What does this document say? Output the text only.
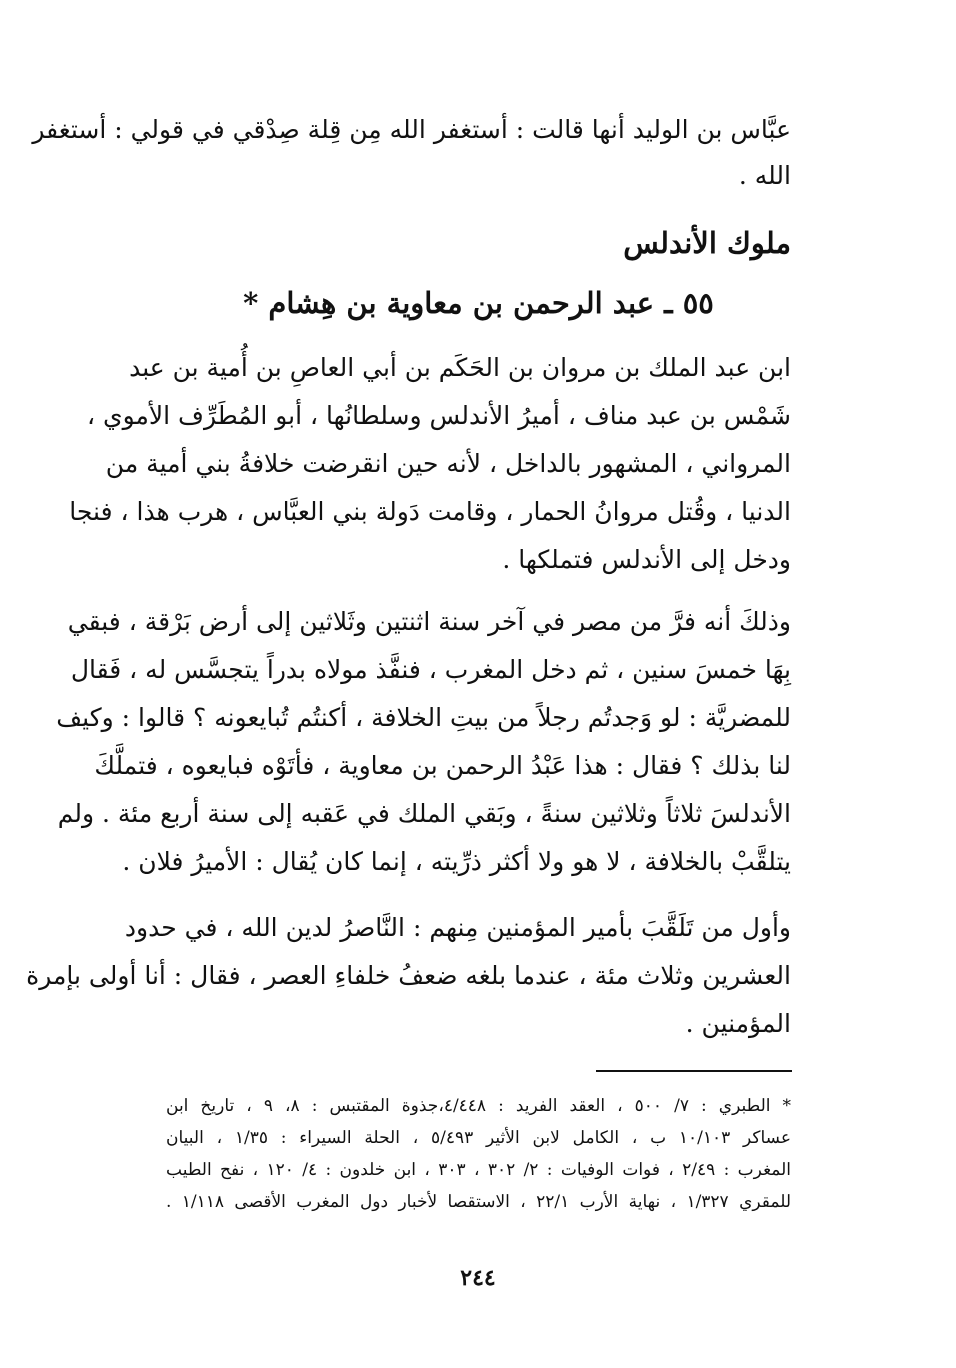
عبَّاس بن الوليد أنها قالت : أستغفر الله مِن قِلة صِدْقي في قولي : أستغفر
الله .
ملوك الأندلس
٥٥ ـ عبد الرحمن بن معاوية بن هِشام *
ابن عبد الملك بن مروان بن الحَكَم بن أبي العاصِ بن أُمية بن عبد
شَمْس بن عبد مناف ، أميرُ الأندلس وسلطانُها ، أبو المُطَرِّف الأموي ،
المرواني ، المشهور بالداخل ، لأنه حين انقرضت خلافةُ بني أمية من
الدنيا ، وقُتل مروانُ الحمار ، وقامت دَولة بني العبَّاس ، هرب هذا ، فنجا
ودخل إلى الأندلس فتملكها .
وذلكَ أنه فرَّ من مصر في آخر سنة اثنتين وثَلاثين إلى أرض بَرْقة ، فبقي
بِهَا خمسَ سنين ، ثم دخل المغرب ، فنفَّذ مولاه بدراً يتجسَّس له ، فَقال
للمضريَّة : لو وَجدتُم رجلاً من بيتِ الخلافة ، أكنتُم تُبايعونه ؟ قالوا : وكيف
لنا بذلك ؟ فقال : هذا عَبْدُ الرحمن بن معاوية ، فأتَوْه فبايعوه ، فتملَّكَ
الأندلسَ ثلاثاً وثلاثين سنةً ، وبَقي الملك في عَقبه إلى سنة أربع مئة . ولم
يتلقَّبْ بالخلافة ، لا هو ولا أكثر ذرِّيته ، إنما كان يُقال : الأميرُ فلان .
وأول من تَلَقَّبَ بأمير المؤمنين مِنهم : النَّاصرُ لدين الله ، في حدود
العشرين وثلاث مئة ، عندما بلغه ضعفُ خلفاءِ العصر ، فقال : أنا أولى بإمرة
المؤمنين .
* الطبري : ٧/ ٥٠٠ ، العقد الفريد : ٤/٤٤٨،جذوة المقتبس : ٨، ٩ ، تاريخ ابن
عساكر ١٠/١٠٣ ب ، الكامل لابن الأثير ٥/٤٩٣ ، الحلة السيراء : ١/٣٥ ، البيان
المغرب : ٢/٤٩ ، فوات الوفيات : ٢/ ٣٠٢ ، ٣٠٣ ، ابن خلدون : ٤/ ١٢٠ ، نفح الطيب
للمقري ١/٣٢٧ ، نهاية الأرب ٢٢/١ ، الاستقصا لأخبار دول المغرب الأقصى ١/١١٨ .
٢٤٤
